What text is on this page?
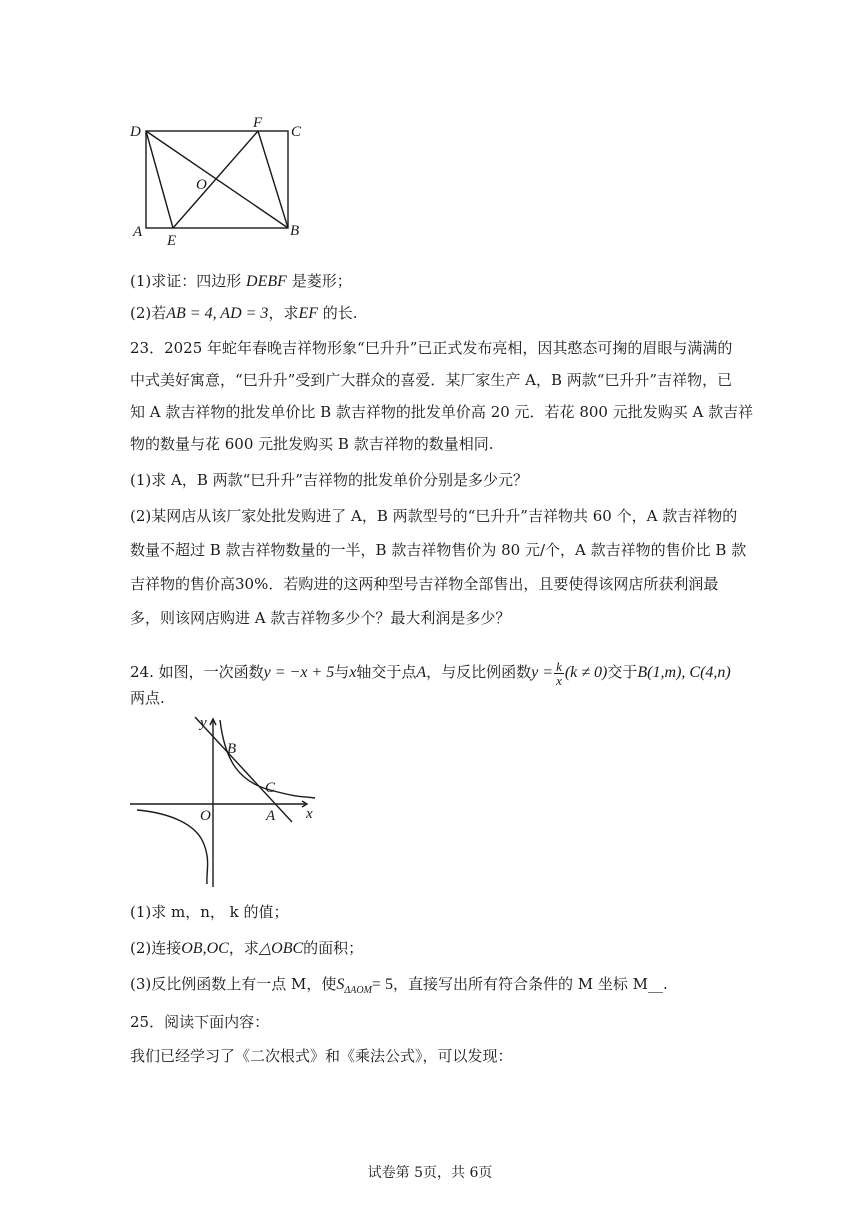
D
F
C
O
A
E
B
(1)求证：四边形 DEBF 是菱形；
(2)若AB = 4, AD = 3，求EF 的长.
23．2025 年蛇年春晚吉祥物形象“巳升升”已正式发布亮相，因其憨态可掬的眉眼与满满的
中式美好寓意，“巳升升”受到广大群众的喜爱．某厂家生产 A，B 两款“巳升升”吉祥物，已
知 A 款吉祥物的批发单价比 B 款吉祥物的批发单价高 20 元．若花 800 元批发购买 A 款吉祥
物的数量与花 600 元批发购买 B 款吉祥物的数量相同.
(1)求 A，B 两款“巳升升”吉祥物的批发单价分别是多少元？
(2)某网店从该厂家处批发购进了 A，B 两款型号的“巳升升”吉祥物共 60 个，A 款吉祥物的
数量不超过 B 款吉祥物数量的一半，B 款吉祥物售价为 80 元/个，A 款吉祥物的售价比 B 款
吉祥物的售价高30%．若购进的这两种型号吉祥物全部售出，且要使得该网店所获利润最
多，则该网店购进 A 款吉祥物多少个？最大利润是多少？
24. 如图，一次函数y = −x + 5与x轴交于点A，与反比例函数$y = \frac{k}{x} (k \ne 0)$交于B(1,m), C(4,n)
两点.
y
x
O	A
B
C
(1)求 m，n， k 的值；
(2)连接OB,OC，求△OBC的面积；
(3)反比例函数上有一点 M，使$S_{\Delta AOM}= 5$，直接写出所有符合条件的 M 坐标 M__.
25．阅读下面内容：
我们已经学习了《二次根式》和《乘法公式》，可以发现：
试卷第 5页，共 6页
